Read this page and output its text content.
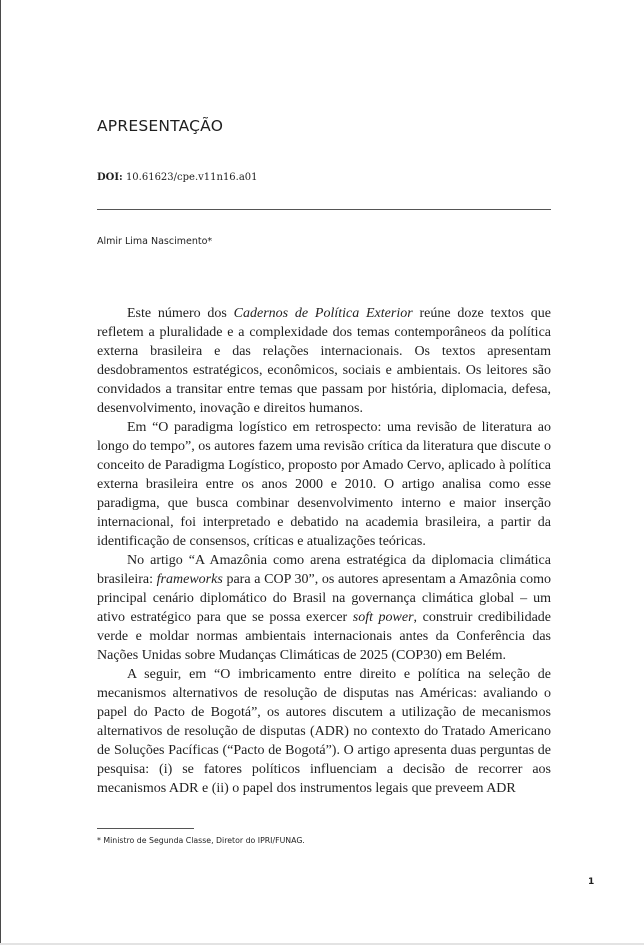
APRESENTAÇÃO

DOI: 10.61623/cpe.v11n16.a01

Almir Lima Nascimento*

Este número dos Cadernos de Política Exterior reúne doze textos que refletem a pluralidade e a complexidade dos temas contemporâneos da política externa brasileira e das relações internacionais. Os textos apresentam desdobramentos estratégicos, econômicos, sociais e ambientais. Os leitores são convidados a transitar entre temas que passam por história, diplomacia, defesa, desenvolvimento, inovação e direitos humanos.

Em “O paradigma logístico em retrospecto: uma revisão de literatura ao longo do tempo”, os autores fazem uma revisão crítica da literatura que discute o conceito de Paradigma Logístico, proposto por Amado Cervo, aplicado à política externa brasileira entre os anos 2000 e 2010. O artigo analisa como esse paradigma, que busca combinar desenvolvimento interno e maior inserção internacional, foi interpretado e debatido na academia brasileira, a partir da identificação de consensos, críticas e atualizações teóricas.

No artigo “A Amazônia como arena estratégica da diplomacia climática brasileira: frameworks para a COP 30”, os autores apresentam a Amazônia como principal cenário diplomático do Brasil na governança climática global – um ativo estratégico para que se possa exercer soft power, construir credibilidade verde e moldar normas ambientais internacionais antes da Conferência das Nações Unidas sobre Mudanças Climáticas de 2025 (COP30) em Belém.

A seguir, em “O imbricamento entre direito e política na seleção de mecanismos alternativos de resolução de disputas nas Américas: avaliando o papel do Pacto de Bogotá”, os autores discutem a utilização de mecanismos alternativos de resolução de disputas (ADR) no contexto do Tratado Americano de Soluções Pacíficas (“Pacto de Bogotá”). O artigo apresenta duas perguntas de pesquisa: (i) se fatores políticos influenciam a decisão de recorrer aos mecanismos ADR e (ii) o papel dos instrumentos legais que preveem ADR

* Ministro de Segunda Classe, Diretor do IPRI/FUNAG.

1
